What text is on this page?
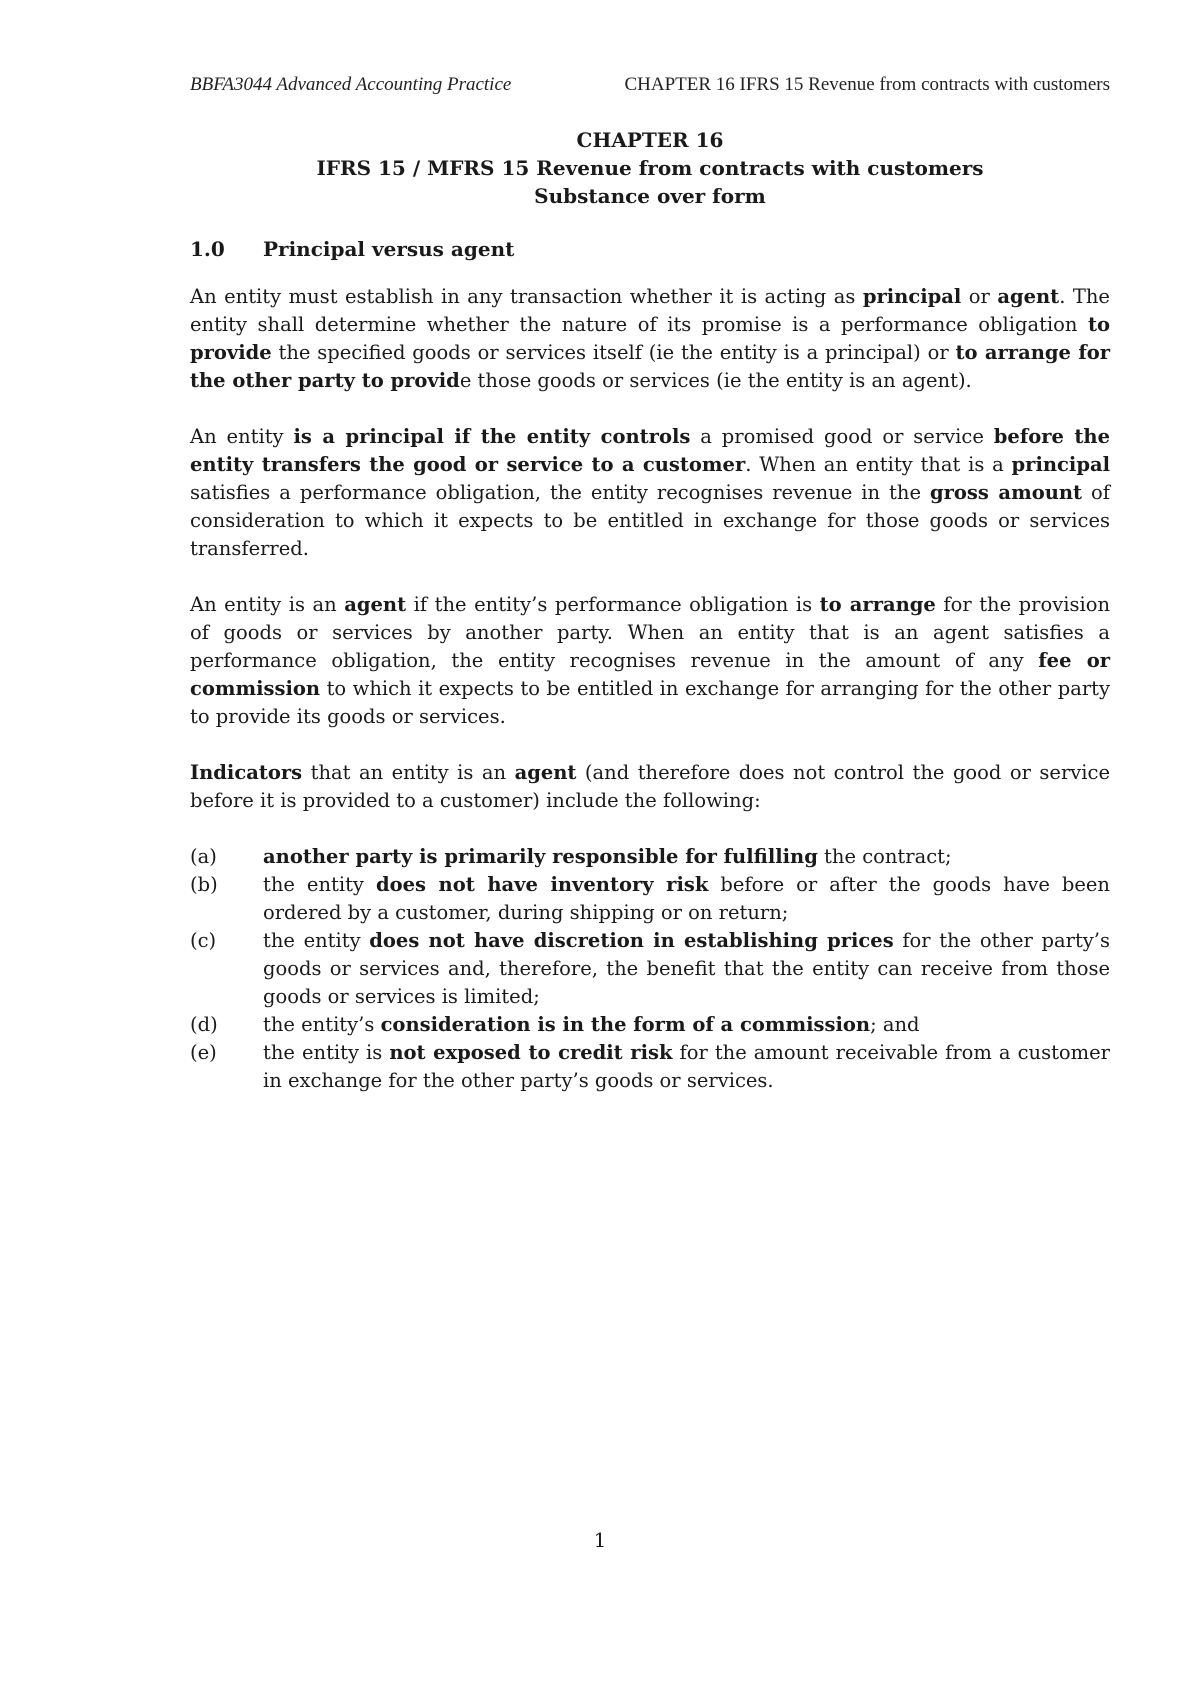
BBFA3044 Advanced Accounting Practice	CHAPTER 16 IFRS 15 Revenue from contracts with customers
CHAPTER 16
IFRS 15 / MFRS 15 Revenue from contracts with customers
Substance over form
1.0 Principal versus agent

An entity must establish in any transaction whether it is acting as principal or agent. The entity shall determine whether the nature of its promise is a performance obligation to provide the specified goods or services itself (ie the entity is a principal) or to arrange for the other party to provide those goods or services (ie the entity is an agent).

An entity is a principal if the entity controls a promised good or service before the entity transfers the good or service to a customer. When an entity that is a principal satisfies a performance obligation, the entity recognises revenue in the gross amount of consideration to which it expects to be entitled in exchange for those goods or services transferred.

An entity is an agent if the entity’s performance obligation is to arrange for the provision of goods or services by another party. When an entity that is an agent satisfies a performance obligation, the entity recognises revenue in the amount of any fee or commission to which it expects to be entitled in exchange for arranging for the other party to provide its goods or services.

Indicators that an entity is an agent (and therefore does not control the good or service before it is provided to a customer) include the following:

(a) another party is primarily responsible for fulfilling the contract;
(b) the entity does not have inventory risk before or after the goods have been ordered by a customer, during shipping or on return;
(c) the entity does not have discretion in establishing prices for the other party’s goods or services and, therefore, the benefit that the entity can receive from those goods or services is limited;
(d) the entity’s consideration is in the form of a commission; and
(e) the entity is not exposed to credit risk for the amount receivable from a customer in exchange for the other party’s goods or services.
1
